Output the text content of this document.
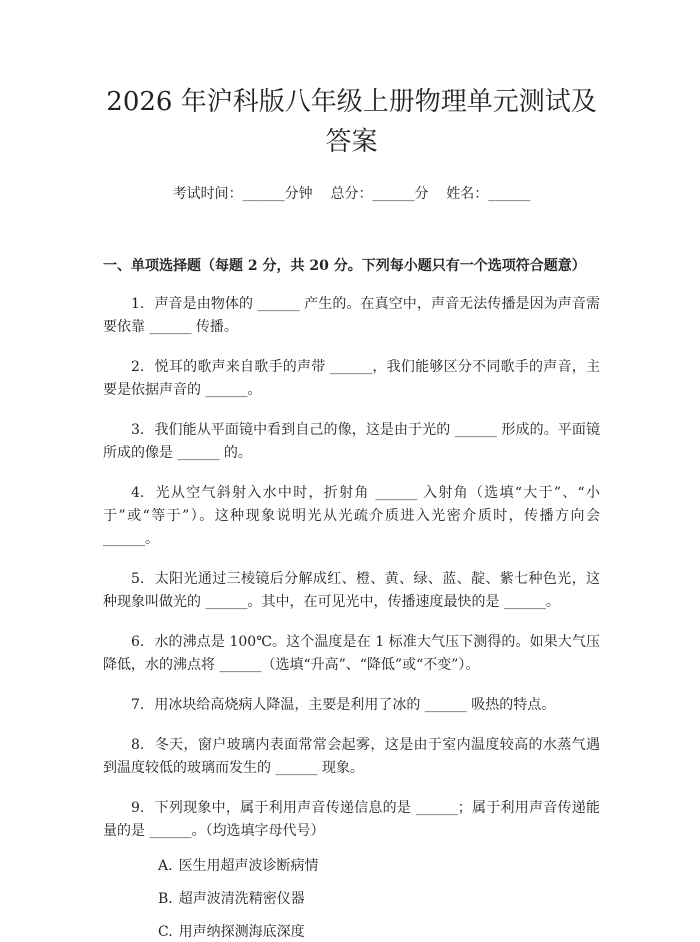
2026 年沪科版八年级上册物理单元测试及答案
考试时间：______分钟    总分：______分    姓名：______
一、单项选择题（每题 2 分，共 20 分。下列每小题只有一个选项符合题意）
1. 声音是由物体的 ______ 产生的。在真空中，声音无法传播是因为声音需要依靠 ______ 传播。
2. 悦耳的歌声来自歌手的声带 ______，我们能够区分不同歌手的声音，主要是依据声音的 ______。
3. 我们能从平面镜中看到自己的像，这是由于光的 ______ 形成的。平面镜所成的像是 ______ 的。
4. 光从空气斜射入水中时，折射角 ______ 入射角（选填“大于”、“小于”或“等于”）。这种现象说明光从光疏介质进入光密介质时，传播方向会 ______。
5. 太阳光通过三棱镜后分解成红、橙、黄、绿、蓝、靛、紫七种色光，这种现象叫做光的 ______。其中，在可见光中，传播速度最快的是 ______。
6. 水的沸点是 100℃。这个温度是在 1 标准大气压下测得的。如果大气压降低，水的沸点将 ______（选填“升高”、“降低”或“不变”）。
7. 用冰块给高烧病人降温，主要是利用了冰的 ______ 吸热的特点。
8. 冬天，窗户玻璃内表面常常会起雾，这是由于室内温度较高的水蒸气遇到温度较低的玻璃而发生的 ______ 现象。
9. 下列现象中，属于利用声音传递信息的是 ______；属于利用声音传递能量的是 ______。（均选填字母代号）
A. 医生用超声波诊断病情
B. 超声波清洗精密仪器
C. 用声纳探测海底深度
